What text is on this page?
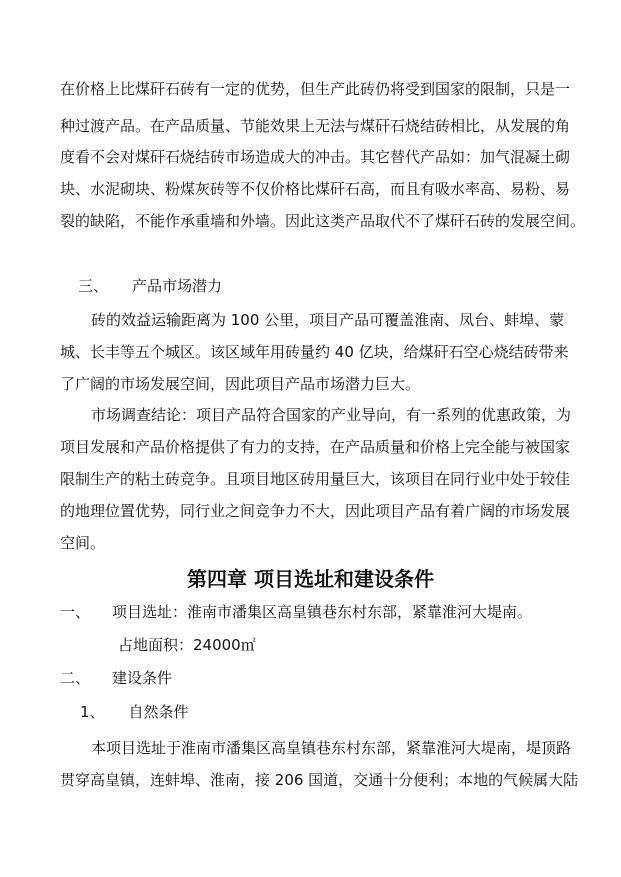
在价格上比煤矸石砖有一定的优势，但生产此砖仍将受到国家的限制，只是一
种过渡产品。在产品质量、节能效果上无法与煤矸石烧结砖相比，从发展的角
度看不会对煤矸石烧结砖市场造成大的冲击。其它替代产品如：加气混凝土砌
块、水泥砌块、粉煤灰砖等不仅价格比煤矸石高，而且有吸水率高、易粉、易
裂的缺陷，不能作承重墙和外墙。因此这类产品取代不了煤矸石砖的发展空间。
三、 产品市场潜力
砖的效益运输距离为 100 公里，项目产品可覆盖淮南、凤台、蚌埠、蒙
城、长丰等五个城区。该区域年用砖量约 40 亿块，给煤矸石空心烧结砖带来
了广阔的市场发展空间，因此项目产品市场潜力巨大。
市场调查结论：项目产品符合国家的产业导向，有一系列的优惠政策，为
项目发展和产品价格提供了有力的支持，在产品质量和价格上完全能与被国家
限制生产的粘土砖竞争。且项目地区砖用量巨大，该项目在同行业中处于较佳
的地理位置优势，同行业之间竞争力不大，因此项目产品有着广阔的市场发展
空间。
第四章 项目选址和建设条件
一、 项目选址：淮南市潘集区高皇镇巷东村东部，紧靠淮河大堤南。
占地面积：24000㎡
二、 建设条件
1、 自然条件
本项目选址于淮南市潘集区高皇镇巷东村东部，紧靠淮河大堤南，堤顶路
贯穿高皇镇，连蚌埠、淮南，接 206 国道，交通十分便利；本地的气候属大陆
